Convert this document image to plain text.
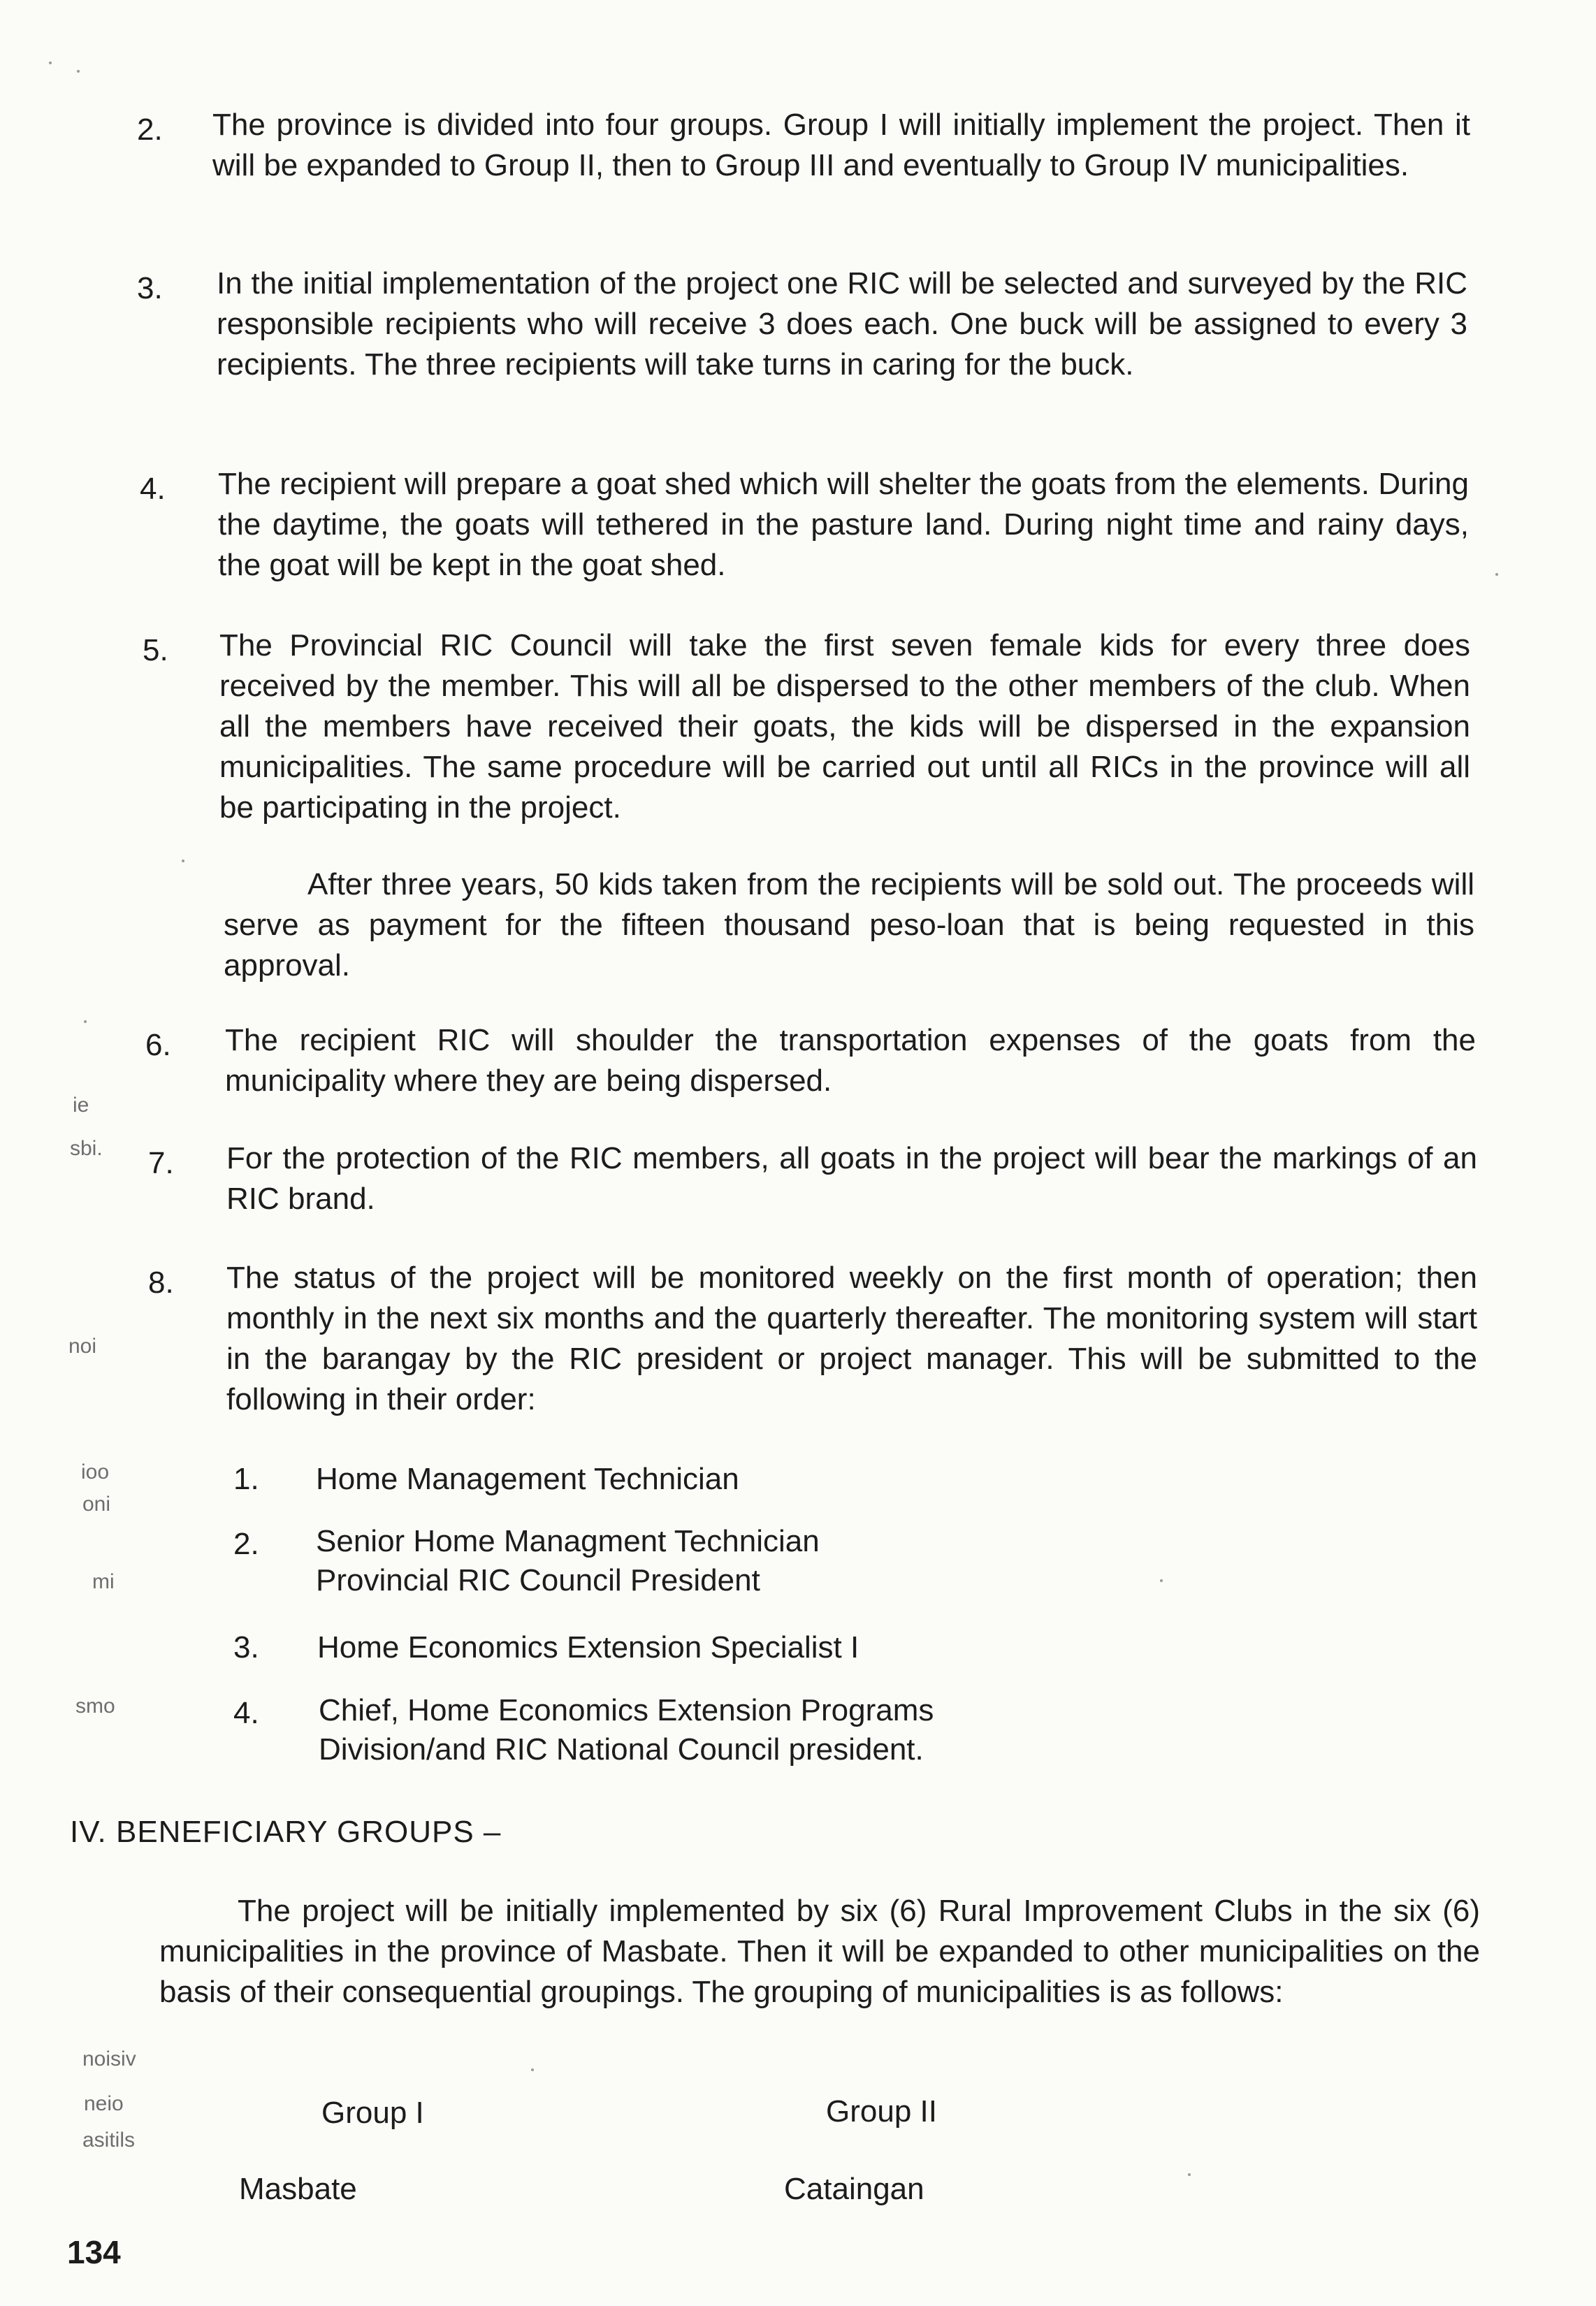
ie
sbi.
noi
ioo
oni
mi
smo
noisiv
neio
asitils
2. The province is divided into four groups. Group I will initially implement the project. Then it will be expanded to Group II, then to Group III and eventually to Group IV municipalities.
3. In the initial implementation of the project one RIC will be selected and surveyed by the RIC responsible recipients who will receive 3 does each. One buck will be assigned to every 3 recipients. The three recipients will take turns in caring for the buck.
4. The recipient will prepare a goat shed which will shelter the goats from the elements. During the daytime, the goats will tethered in the pasture land. During night time and rainy days, the goat will be kept in the goat shed.
5. The Provincial RIC Council will take the first seven female kids for every three does received by the member. This will all be dispersed to the other members of the club. When all the members have received their goats, the kids will be dispersed in the expansion municipalities. The same procedure will be carried out until all RICs in the province will all be participating in the project.
After three years, 50 kids taken from the recipients will be sold out. The proceeds will serve as payment for the fifteen thousand peso-loan that is being requested in this approval.
6. The recipient RIC will shoulder the transportation expenses of the goats from the municipality where they are being dispersed.
7. For the protection of the RIC members, all goats in the project will bear the markings of an RIC brand.
8. The status of the project will be monitored weekly on the first month of operation; then monthly in the next six months and the quarterly thereafter. The monitoring system will start in the barangay by the RIC president or project manager. This will be submitted to the following in their order:
1. Home Management Technician
2. Senior Home Managment Technician
Provincial RIC Council President
3. Home Economics Extension Specialist I
4. Chief, Home Economics Extension Programs
Division/and RIC National Council president.
IV. BENEFICIARY GROUPS –
The project will be initially implemented by six (6) Rural Improvement Clubs in the six (6) municipalities in the province of Masbate. Then it will be expanded to other municipalities on the basis of their consequential groupings. The grouping of municipalities is as follows:
Group I	Group II
Masbate	Cataingan
134
